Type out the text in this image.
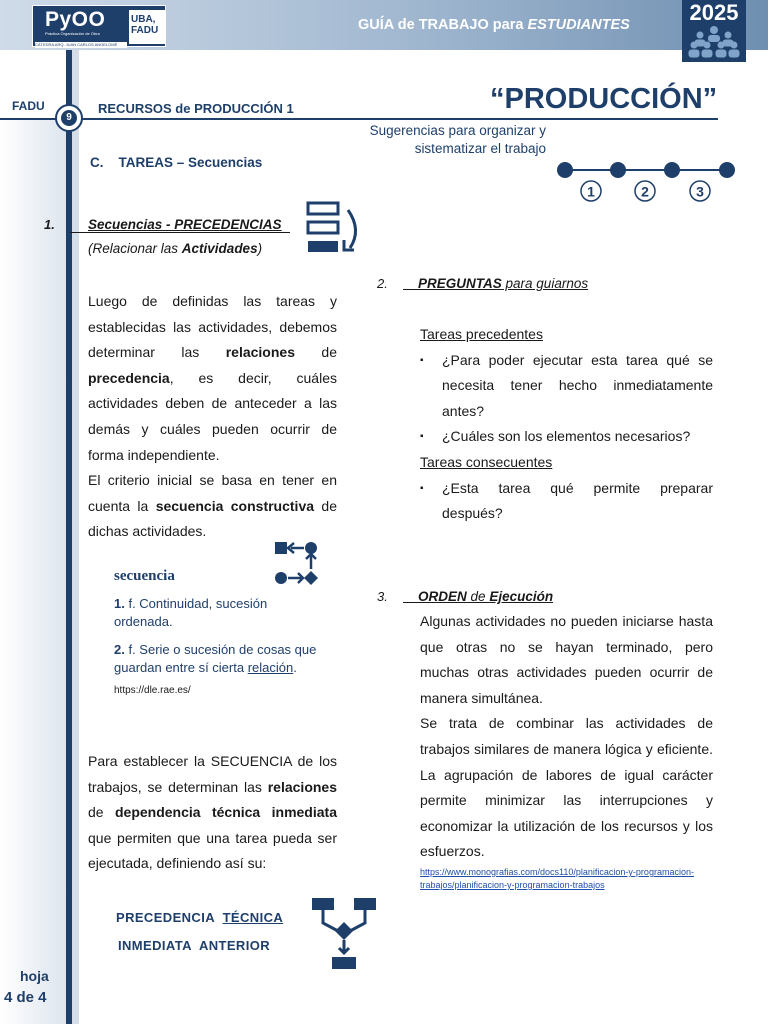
PyOO
Práctica Organización de Obra
UBA,
FADU
CÁTEDRA ARQ. JUAN CARLOS ANGELOMÉ
GUÍA de TRABAJO para ESTUDIANTES	2025
FADU
9
RECURSOS de PRODUCCIÓN 1	“PRODUCCIÓN”
Sugerencias para organizar y
sistematizar el trabajo
C.    TAREAS – Secuencias
1	2	3
1. Secuencias - PRECEDENCIAS
(Relacionar las Actividades)
Luego de definidas las tareas y establecidas las actividades, debemos determinar las relaciones de precedencia, es decir, cuáles actividades deben de anteceder a las demás y cuáles pueden ocurrir de forma independiente.
El criterio inicial se basa en tener en cuenta la secuencia constructiva de dichas actividades.
secuencia
1. f. Continuidad, sucesión ordenada.
2. f. Serie o sucesión de cosas que guardan entre sí cierta relación.
https://dle.rae.es/
Para establecer la SECUENCIA de los trabajos, se determinan las relaciones de dependencia técnica inmediata que permiten que una tarea pueda ser ejecutada, definiendo así su:
PRECEDENCIA  TÉCNICA
INMEDIATA  ANTERIOR
2.	PREGUNTAS para guiarnos
Tareas precedentes
▪ ¿Para poder ejecutar esta tarea qué se necesita tener hecho inmediatamente antes?
▪ ¿Cuáles son los elementos necesarios?
Tareas consecuentes
▪ ¿Esta tarea qué permite preparar después?
3.	ORDEN de Ejecución
Algunas actividades no pueden iniciarse hasta que otras no se hayan terminado, pero muchas otras actividades pueden ocurrir de manera simultánea.
Se trata de combinar las actividades de trabajos similares de manera lógica y eficiente. La agrupación de labores de igual carácter permite minimizar las interrupciones y economizar la utilización de los recursos y los esfuerzos.
https://www.monografias.com/docs110/planificacion-y-programacion-trabajos/planificacion-y-programacion-trabajos
hoja
4 de 4
